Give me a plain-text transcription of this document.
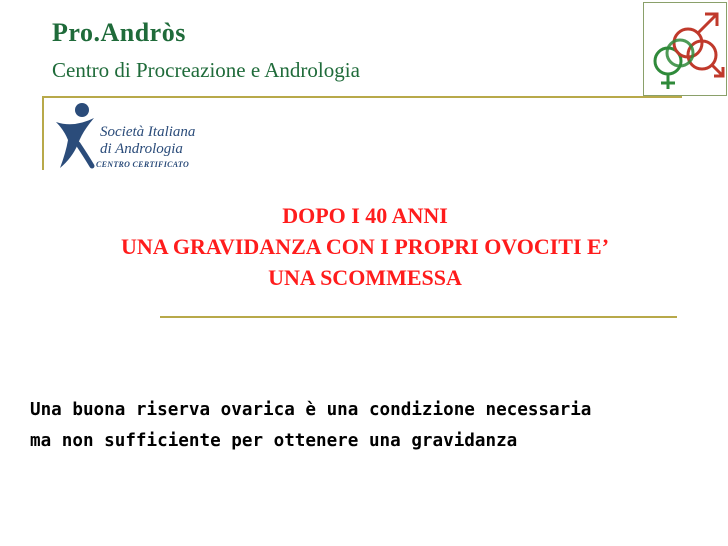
Pro.Andròs
Centro di Procreazione e Andrologia
Società Italiana
di Andrologia
CENTRO CERTIFICATO
DOPO I 40 ANNI
UNA GRAVIDANZA CON I PROPRI OVOCITI E’
UNA SCOMMESSA
Una buona riserva ovarica è una condizione necessaria
ma non sufficiente per ottenere una gravidanza
